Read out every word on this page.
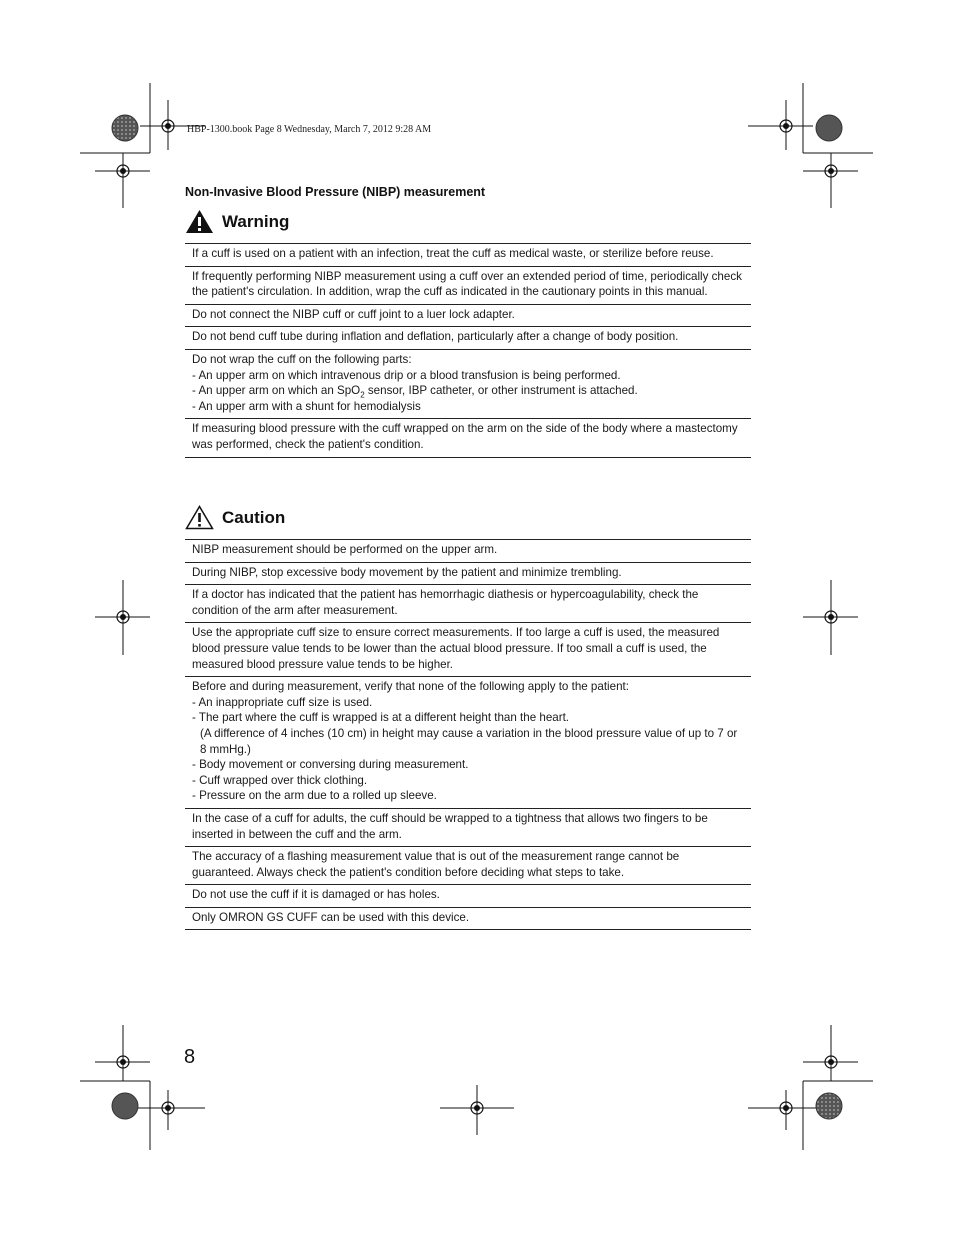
HBP-1300.book Page 8 Wednesday, March 7, 2012 9:28 AM
Non-Invasive Blood Pressure (NIBP) measurement
Warning

If a cuff is used on a patient with an infection, treat the cuff as medical waste, or sterilize before reuse.

If frequently performing NIBP measurement using a cuff over an extended period of time, periodically check the patient's circulation. In addition, wrap the cuff as indicated in the cautionary points in this manual.

Do not connect the NIBP cuff or cuff joint to a luer lock adapter.

Do not bend cuff tube during inflation and deflation, particularly after a change of body position.

Do not wrap the cuff on the following parts:

- An upper arm on which intravenous drip or a blood transfusion is being performed.

- An upper arm on which an SpO$_2$ sensor, IBP catheter, or other instrument is attached.

- An upper arm with a shunt for hemodialysis

If measuring blood pressure with the cuff wrapped on the arm on the side of the body where a mastectomy was performed, check the patient's condition.

Caution

NIBP measurement should be performed on the upper arm.

During NIBP, stop excessive body movement by the patient and minimize trembling.

If a doctor has indicated that the patient has hemorrhagic diathesis or hypercoagulability, check the condition of the arm after measurement.

Use the appropriate cuff size to ensure correct measurements. If too large a cuff is used, the measured blood pressure value tends to be lower than the actual blood pressure. If too small a cuff is used, the measured blood pressure value tends to be higher.

Before and during measurement, verify that none of the following apply to the patient:

- An inappropriate cuff size is used.

- The part where the cuff is wrapped is at a different height than the heart.
(A difference of 4 inches (10 cm) in height may cause a variation in the blood pressure value of up to 7 or 8 mmHg.)

- Body movement or conversing during measurement.

- Cuff wrapped over thick clothing.

- Pressure on the arm due to a rolled up sleeve.

In the case of a cuff for adults, the cuff should be wrapped to a tightness that allows two fingers to be inserted in between the cuff and the arm.

The accuracy of a flashing measurement value that is out of the measurement range cannot be guaranteed. Always check the patient's condition before deciding what steps to take.

Do not use the cuff if it is damaged or has holes.

Only OMRON GS CUFF can be used with this device.

8
